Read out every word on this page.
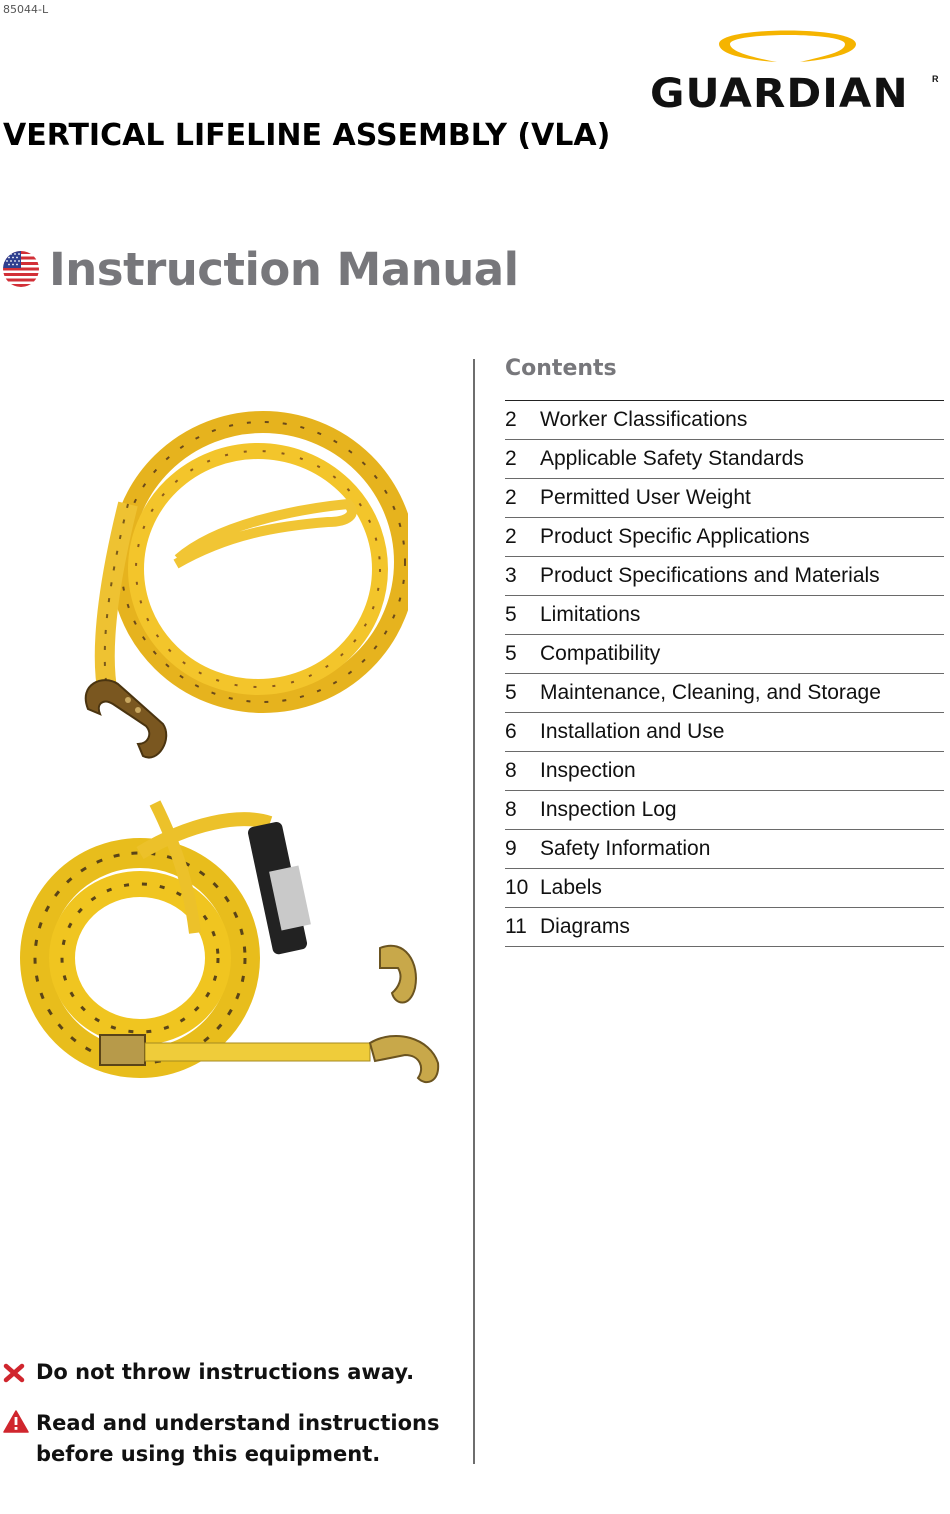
85044-L
GUARDIAN	R
VERTICAL LIFELINE ASSEMBLY (VLA)
Instruction Manual
Contents
2	Worker Classifications
2	Applicable Safety Standards
2	Permitted User Weight
2	Product Specific Applications
3	Product Specifications and Materials
5	Limitations
5	Compatibility
5	Maintenance, Cleaning, and Storage
6	Installation and Use
8	Inspection
8	Inspection Log
9	Safety Information
10 Labels
11 Diagrams
Do not throw instructions away.
Read and understand instructions
before using this equipment.
